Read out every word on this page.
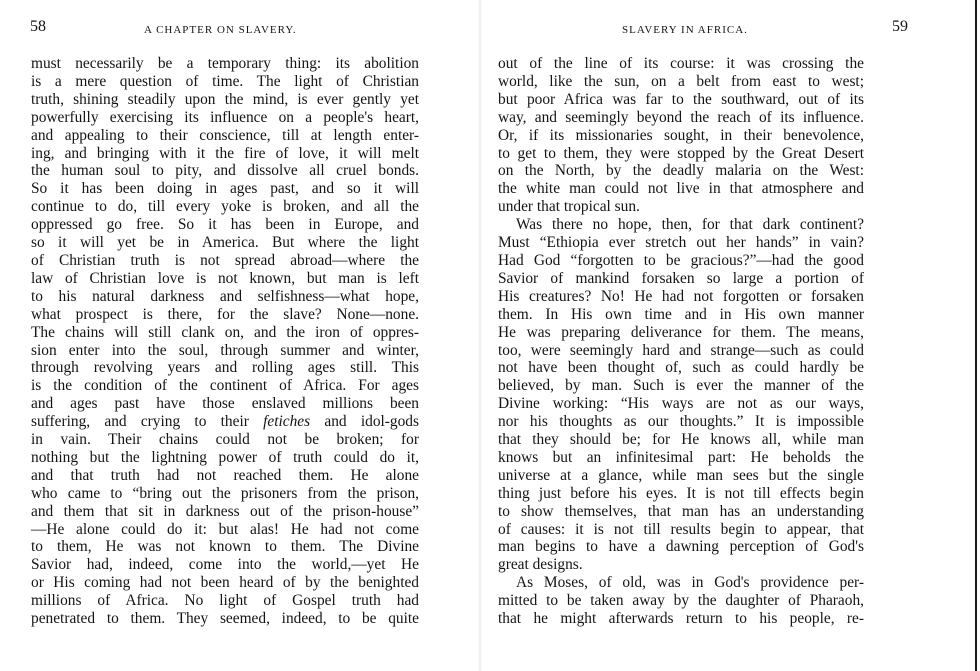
58	A CHAPTER ON SLAVERY.
must necessarily be a temporary thing: its abolition
is a mere question of time. The light of Christian
truth, shining steadily upon the mind, is ever gently yet
powerfully exercising its influence on a people's heart,
and appealing to their conscience, till at length enter-
ing, and bringing with it the fire of love, it will melt
the human soul to pity, and dissolve all cruel bonds.
So it has been doing in ages past, and so it will
continue to do, till every yoke is broken, and all the
oppressed go free. So it has been in Europe, and
so it will yet be in America. But where the light
of Christian truth is not spread abroad—where the
law of Christian love is not known, but man is left
to his natural darkness and selfishness—what hope,
what prospect is there, for the slave? None—none.
The chains will still clank on, and the iron of oppres-
sion enter into the soul, through summer and winter,
through revolving years and rolling ages still. This
is the condition of the continent of Africa. For ages
and ages past have those enslaved millions been
suffering, and crying to their fetiches and idol-gods
in vain. Their chains could not be broken; for
nothing but the lightning power of truth could do it,
and that truth had not reached them. He alone
who came to “bring out the prisoners from the prison,
and them that sit in darkness out of the prison-house”
—He alone could do it: but alas! He had not come
to them, He was not known to them. The Divine
Savior had, indeed, come into the world,—yet He
or His coming had not been heard of by the benighted
millions of Africa. No light of Gospel truth had
penetrated to them. They seemed, indeed, to be quite
SLAVERY IN AFRICA.	59
out of the line of its course: it was crossing the
world, like the sun, on a belt from east to west;
but poor Africa was far to the southward, out of its
way, and seemingly beyond the reach of its influence.
Or, if its missionaries sought, in their benevolence,
to get to them, they were stopped by the Great Desert
on the North, by the deadly malaria on the West:
the white man could not live in that atmosphere and
under that tropical sun.
Was there no hope, then, for that dark continent?
Must “Ethiopia ever stretch out her hands” in vain?
Had God “forgotten to be gracious?”—had the good
Savior of mankind forsaken so large a portion of
His creatures? No! He had not forgotten or forsaken
them. In His own time and in His own manner
He was preparing deliverance for them. The means,
too, were seemingly hard and strange—such as could
not have been thought of, such as could hardly be
believed, by man. Such is ever the manner of the
Divine working: “His ways are not as our ways,
nor his thoughts as our thoughts.” It is impossible
that they should be; for He knows all, while man
knows but an infinitesimal part: He beholds the
universe at a glance, while man sees but the single
thing just before his eyes. It is not till effects begin
to show themselves, that man has an understanding
of causes: it is not till results begin to appear, that
man begins to have a dawning perception of God's
great designs.
As Moses, of old, was in God's providence per-
mitted to be taken away by the daughter of Pharaoh,
that he might afterwards return to his people, re-
